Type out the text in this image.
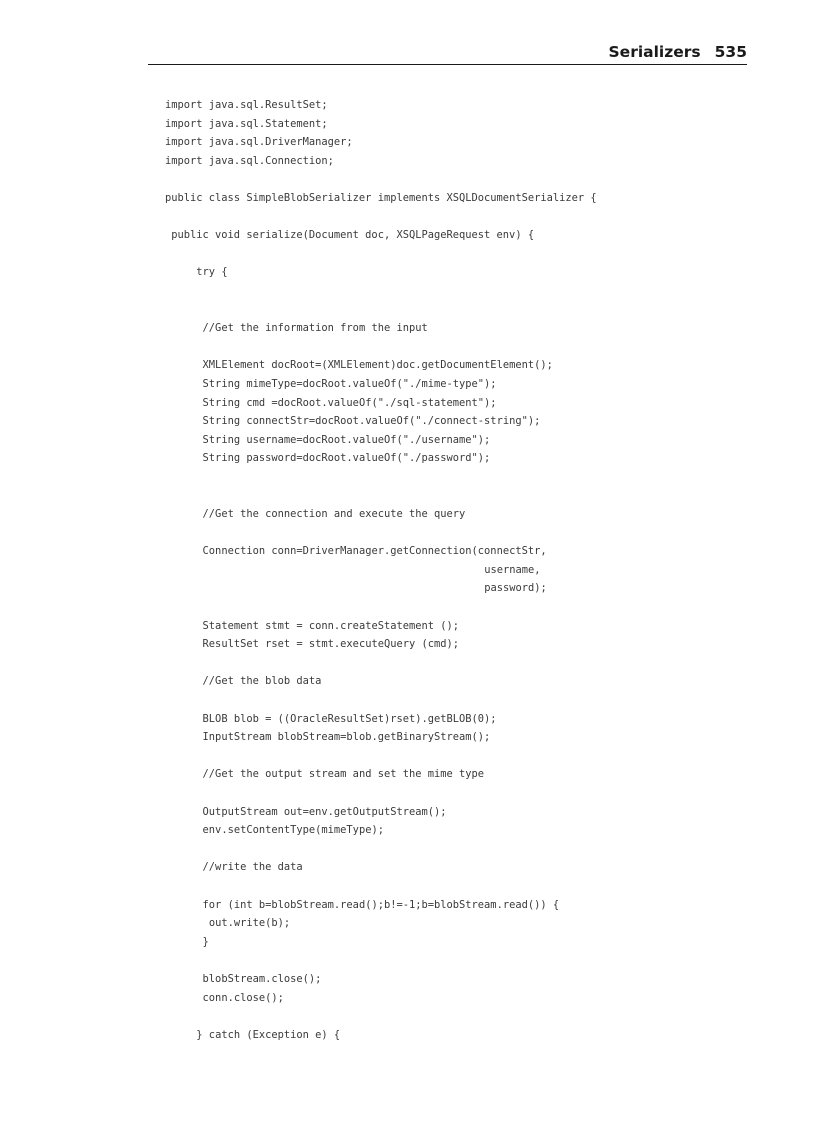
Serializers 535
import java.sql.ResultSet;
import java.sql.Statement;
import java.sql.DriverManager;
import java.sql.Connection;
public class SimpleBlobSerializer implements XSQLDocumentSerializer {
public void serialize(Document doc, XSQLPageRequest env) {
try {
//Get the information from the input
XMLElement docRoot=(XMLElement)doc.getDocumentElement();
String mimeType=docRoot.valueOf("./mime-type");
String cmd =docRoot.valueOf("./sql-statement");
String connectStr=docRoot.valueOf("./connect-string");
String username=docRoot.valueOf("./username");
String password=docRoot.valueOf("./password");
//Get the connection and execute the query
Connection conn=DriverManager.getConnection(connectStr,
username,
password);
Statement stmt = conn.createStatement ();
ResultSet rset = stmt.executeQuery (cmd);
//Get the blob data
BLOB blob = ((OracleResultSet)rset).getBLOB(0);
InputStream blobStream=blob.getBinaryStream();
//Get the output stream and set the mime type
OutputStream out=env.getOutputStream();
env.setContentType(mimeType);
//write the data
for (int b=blobStream.read();b!=-1;b=blobStream.read()) {
out.write(b);
}
blobStream.close();
conn.close();
} catch (Exception e) {
